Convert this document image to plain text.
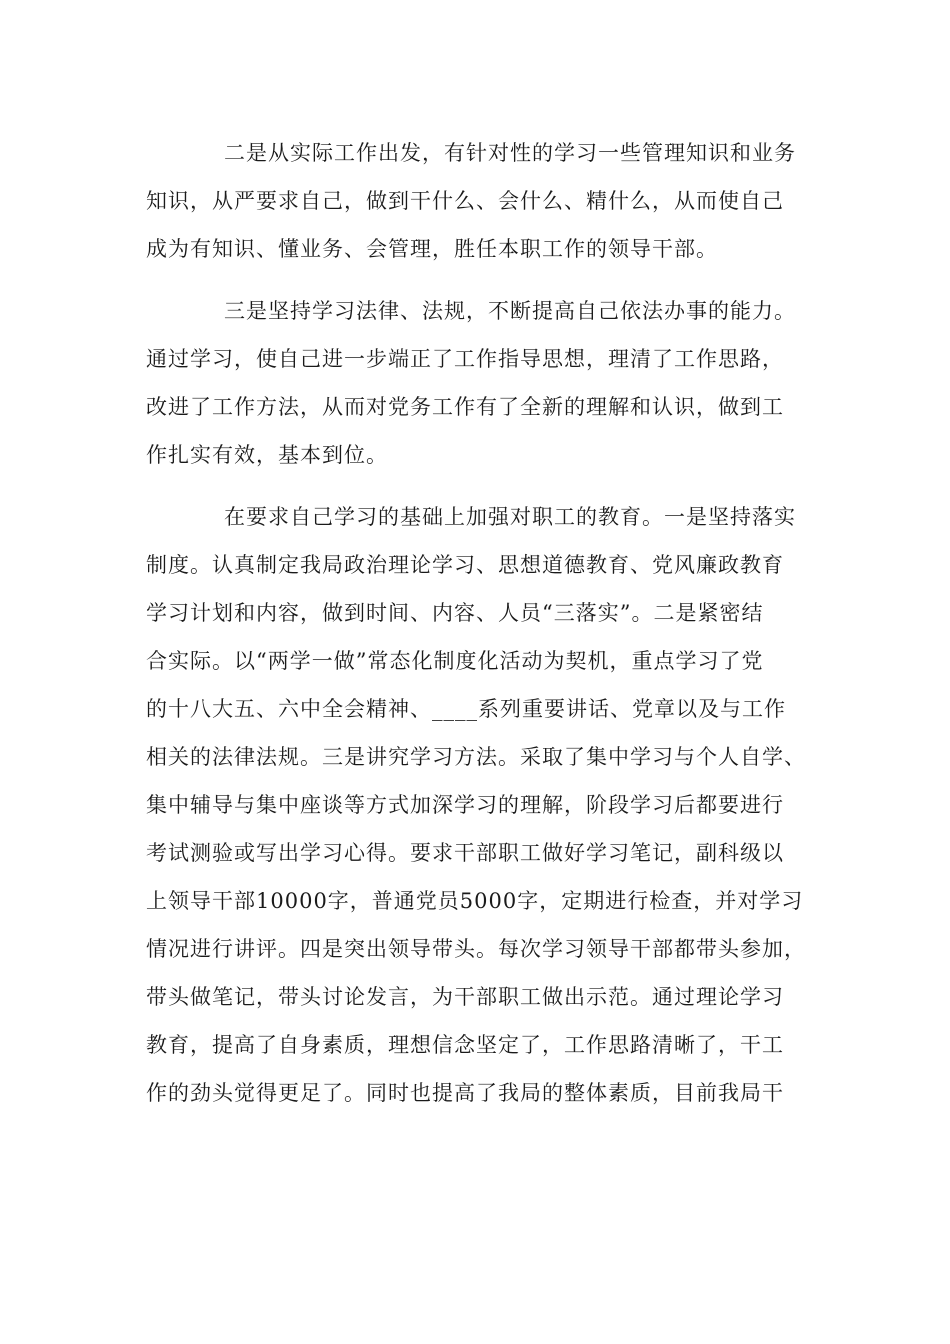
二是从实际工作出发，有针对性的学习一些管理知识和业务

知识，从严要求自己，做到干什么、会什么、精什么，从而使自己

成为有知识、懂业务、会管理，胜任本职工作的领导干部。

三是坚持学习法律、法规，不断提高自己依法办事的能力。

通过学习，使自己进一步端正了工作指导思想，理清了工作思路，

改进了工作方法，从而对党务工作有了全新的理解和认识，做到工

作扎实有效，基本到位。

在要求自己学习的基础上加强对职工的教育。一是坚持落实

制度。认真制定我局政治理论学习、思想道德教育、党风廉政教育

学习计划和内容，做到时间、内容、人员“三落实”。二是紧密结

合实际。以“两学一做”常态化制度化活动为契机，重点学习了党

的十八大五、六中全会精神、____系列重要讲话、党章以及与工作

相关的法律法规。三是讲究学习方法。采取了集中学习与个人自学、

集中辅导与集中座谈等方式加深学习的理解，阶段学习后都要进行

考试测验或写出学习心得。要求干部职工做好学习笔记，副科级以

上领导干部10000字，普通党员5000字，定期进行检查，并对学习

情况进行讲评。四是突出领导带头。每次学习领导干部都带头参加，

带头做笔记，带头讨论发言，为干部职工做出示范。通过理论学习

教育，提高了自身素质，理想信念坚定了，工作思路清晰了，干工

作的劲头觉得更足了。同时也提高了我局的整体素质，目前我局干
